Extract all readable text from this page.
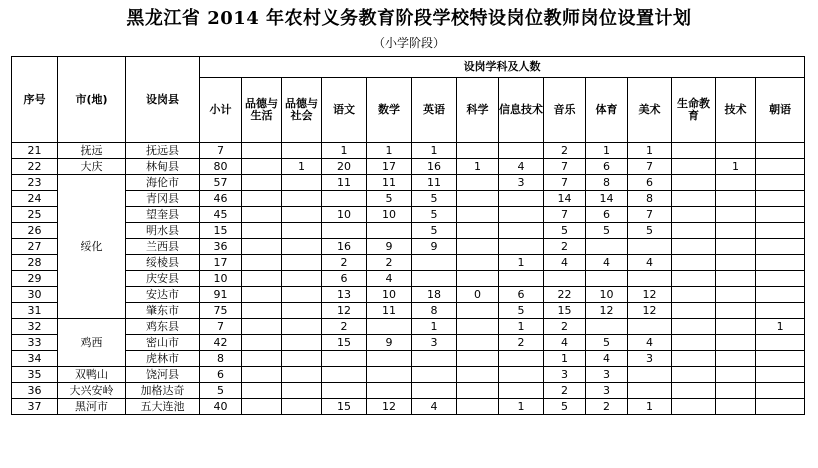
黑龙江省 2014 年农村义务教育阶段学校特设岗位教师岗位设置计划
（小学阶段）
序号	市(地)	设岗县	设岗学科及人数													
			小计	品德与生活	品德与社会	语文	数学	英语	科学	信息技术	音乐	体育	美术	生命教育	技术	朝语
21	抚远	抚远县	7			1	1	1			2	1	1			
22	大庆	林甸县	80		1	20	17	16	1	4	7	6	7		1	
23	绥化	海伦市	57			11	11	11		3	7	8	6			
24		青冈县	46				5	5			14	14	8			
25		望奎县	45			10	10	5			7	6	7			
26		明水县	15					5			5	5	5			
27		兰西县	36			16	9	9			2					
28		绥棱县	17			2	2			1	4	4	4			
29		庆安县	10			6	4									
30		安达市	91			13	10	18	0	6	22	10	12			
31		肇东市	75			12	11	8		5	15	12	12			
32	鸡西	鸡东县	7			2		1		1	2					1
33		密山市	42			15	9	3		2	4	5	4			
34		虎林市	8								1	4	3			
35	双鸭山	饶河县	6								3	3				
36	大兴安岭	加格达奇	5								2	3				
37	黑河市	五大连池	40			15	12	4		1	5	2	1			
